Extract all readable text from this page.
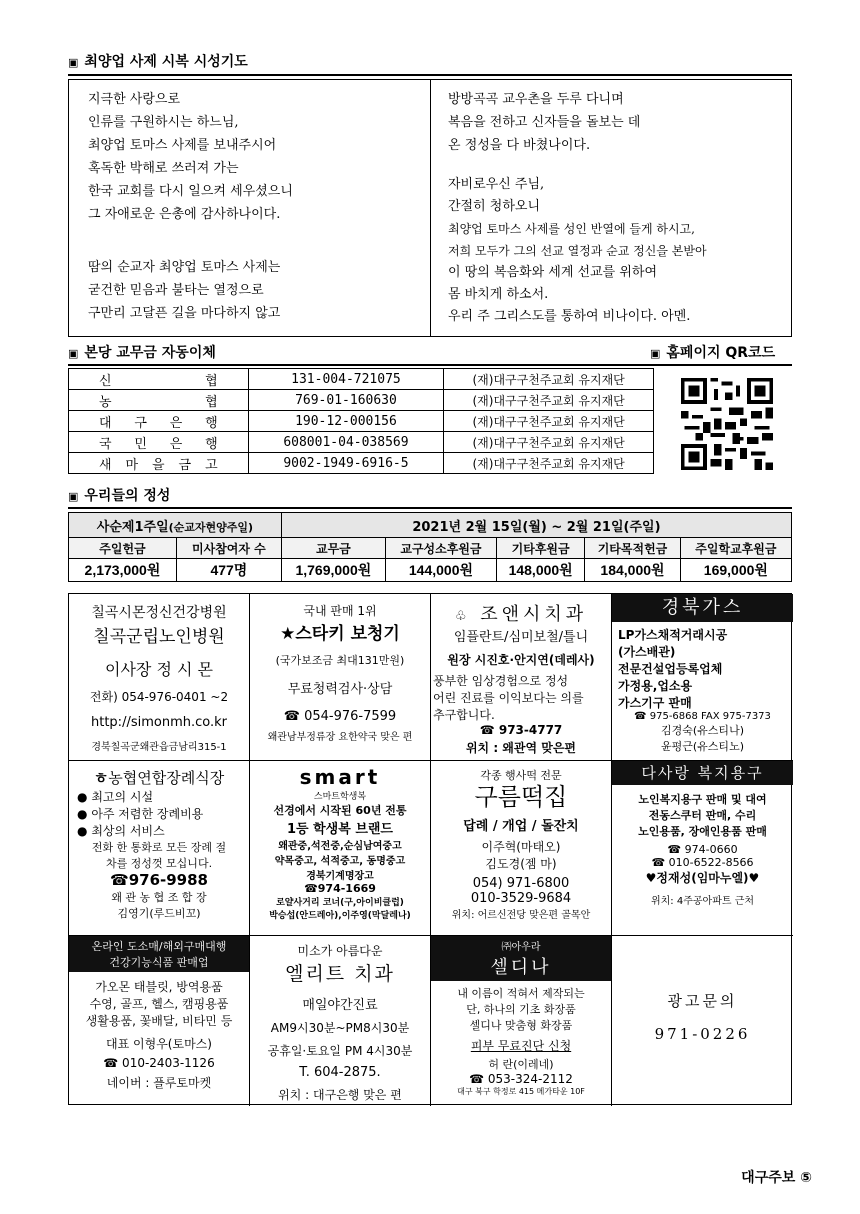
▣ 최양업 사제 시복 시성기도
지극한 사랑으로
인류를 구원하시는 하느님,
최양업 토마스 사제를 보내주시어
혹독한 박해로 쓰러져 가는
한국 교회를 다시 일으켜 세우셨으니
그 자애로운 은총에 감사하나이다.
땀의 순교자 최양업 토마스 사제는
굳건한 믿음과 불타는 열정으로
구만리 고달픈 길을 마다하지 않고
방방곡곡 교우촌을 두루 다니며
복음을 전하고 신자들을 돌보는 데
온 정성을 다 바쳤나이다.
자비로우신 주님,
간절히 청하오니
최양업 토마스 사제를 성인 반열에 들게 하시고,
저희 모두가 그의 선교 열정과 순교 정신을 본받아
이 땅의 복음화와 세계 선교를 위하여
몸 바치게 하소서.
우리 주 그리스도를 통하여 비나이다. 아멘.
▣ 본당 교무금 자동이체	▣ 홈페이지 QR코드
신 협	131-004-721075	(재)대구구천주교회 유지재단

농 협	769-01-160630	(재)대구구천주교회 유지재단

대 구 은 행	190-12-000156	(재)대구구천주교회 유지재단

국 민 은 행	608001-04-038569	(재)대구구천주교회 유지재단

새 마 을 금 고	9002-1949-6916-5	(재)대구구천주교회 유지재단
▣ 우리들의 정성
사순제1주일(순교자현양주일)		2021년 2월 15일(월) ~ 2월 21일(주일)				
주일헌금	미사참여자 수	교무금	교구성소후원금	기타후원금	기타목적헌금	주일학교후원금
2,173,000원	477명	1,769,000원	144,000원	148,000원	184,000원	169,000원
칠곡시몬정신건강병원
칠곡군립노인병원
이사장 정 시 몬
전화) 054-976-0401 ~2
http://simonmh.co.kr
경북칠곡군왜관읍금남리315-1
국내 판매 1위
★스타키 보청기
(국가보조금 최대131만원)
무료청력검사·상담
☎ 054-976-7599
왜관남부정류장 요한약국 맞은 편
♧ 조앤시치과
임플란트/심미보철/틀니
원장 시진호·안지연(데레사)
풍부한 임상경험으로 정성
어린 진료를 이익보다는 의를
추구합니다.
☎ 973-4777
위치 : 왜관역 맞은편
경북가스
LP가스채적거래시공
(가스배관)
전문건설업등록업체
가정용,업소용
가스기구 판매
☎ 975-6868 FAX 975-7373
김경숙(유스티나)
윤평근(유스티노)
ㅎ농협연합장례식장
● 최고의 시설
● 아주 저렴한 장례비용
● 최상의 서비스
전화 한 통화로 모든 장례 절
차를 정성껏 모십니다.
☎976-9988
왜 관 농 협 조 합 장
김영기(루드비꼬)
smart
스마트학생복
선경에서 시작된 60년 전통
1등 학생복 브랜드
왜관중,석전중,순심남여중고
약목중고, 석적중고, 동명중고
경북기계명장고
☎974-1669
로얄사거리 코너(구,아이비클럽)
박승섭(안드레아),이주영(막달레나)
각종 행사떡 전문
구름떡집
답례 / 개업 / 돌잔치
이주혁(마태오)
김도경(젬 마)
054) 971-6800
010-3529-9684
위치: 어르신전당 맞은편 골목안
다사랑 복지용구
노인복지용구 판매 및 대여
전동스쿠터 판매, 수리
노인용품, 장애인용품 판매
☎ 974-0660
☎ 010-6522-8566
♥정재성(임마누엘)♥
위치: 4주공아파트 근처
온라인 도소매/해외구매대행
건강기능식품 판매업
가오몬 태블릿, 방역용품
수영, 골프, 헬스, 캠핑용품
생활용품, 꽃배달, 비타민 등
대표 이형우(토마스)
☎ 010-2403-1126
네이버 : 플루토마켓
미소가 아름다운
엘리트 치과
매일야간진료
AM9시30분~PM8시30분
공휴일·토요일 PM 4시30분
T. 604-2875.
위치 : 대구은행 맞은 편
㈜아우라
셀디나
내 이름이 적혀서 제작되는
단, 하나의 기초 화장품
셀디나 맞춤형 화장품
피부 무료진단 신청
허 란(이레네)
☎ 053-324-2112
대구 북구 학정로 415 메가타운 10F
광고문의
971-0226
대구주보 ⑤
